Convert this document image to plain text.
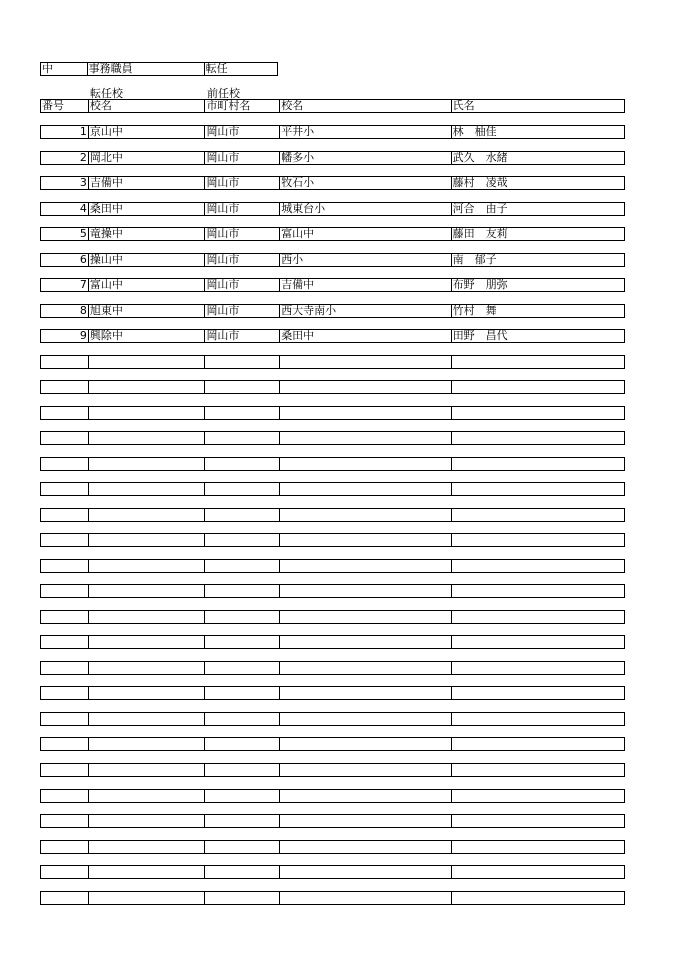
中	事務職員	転任
転任校	前任校
番号	校名	市町村名	校名	氏名
1 京山中	岡山市	平井小	林　柚佳
2 岡北中	岡山市	幡多小	武久　水緒
3 吉備中	岡山市	牧石小	藤村　凌哉
4 桑田中	岡山市	城東台小	河合　由子
5 竜操中	岡山市	富山中	藤田　友莉
6 操山中	岡山市	西小	南　郁子
7 富山中	岡山市	吉備中	布野　朋弥
8 旭東中	岡山市	西大寺南小	竹村　舞
9 興除中	岡山市	桑田中	田野　昌代
